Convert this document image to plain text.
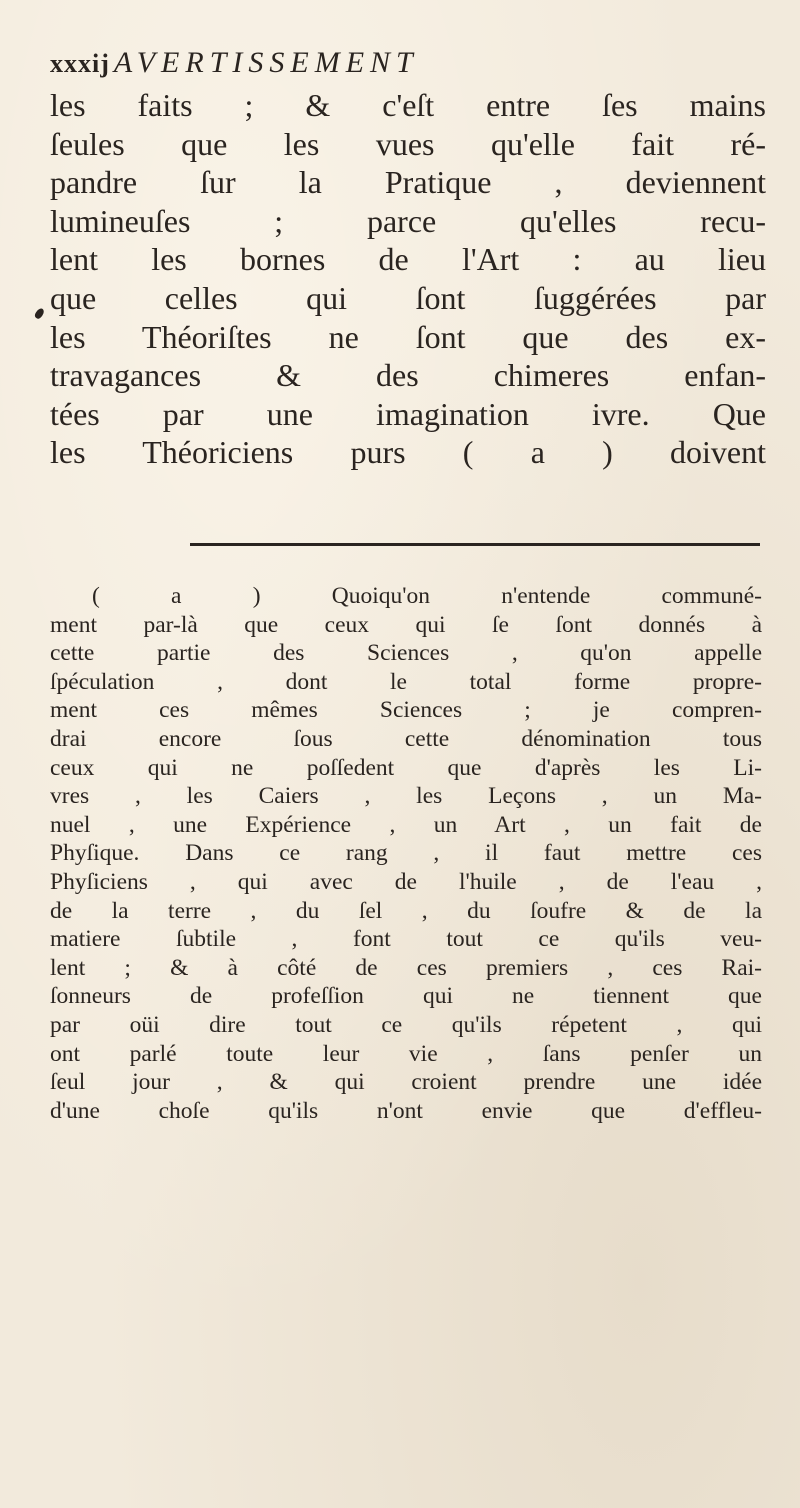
xxxij AVERTISSEMENT
les faits ; & c'eſt entre ſes mains
ſeules que les vues qu'elle fait ré-
pandre ſur la Pratique , deviennent
lumineuſes ; parce qu'elles recu-
lent les bornes de l'Art : au lieu
que celles qui ſont ſuggérées par
les Théoriſtes ne ſont que des ex-
travagances & des chimeres enfan-
tées par une imagination ivre. Que
les Théoriciens purs ( a ) doivent
( a ) Quoiqu'on n'entende communé-
ment par-là que ceux qui ſe ſont donnés à
cette partie des Sciences , qu'on appelle
ſpéculation , dont le total forme propre-
ment ces mêmes Sciences ; je compren-
drai encore ſous cette dénomination tous
ceux qui ne poſſedent que d'après les Li-
vres , les Caiers , les Leçons , un Ma-
nuel , une Expérience , un Art , un fait de
Phyſique. Dans ce rang , il faut mettre ces
Phyſiciens , qui avec de l'huile , de l'eau ,
de la terre , du ſel , du ſoufre & de la
matiere ſubtile , font tout ce qu'ils veu-
lent ; & à côté de ces premiers , ces Rai-
ſonneurs de profeſſion qui ne tiennent que
par oüi dire tout ce qu'ils répetent , qui
ont parlé toute leur vie , ſans penſer un
ſeul jour , & qui croient prendre une idée
d'une choſe qu'ils n'ont envie que d'effleu-
